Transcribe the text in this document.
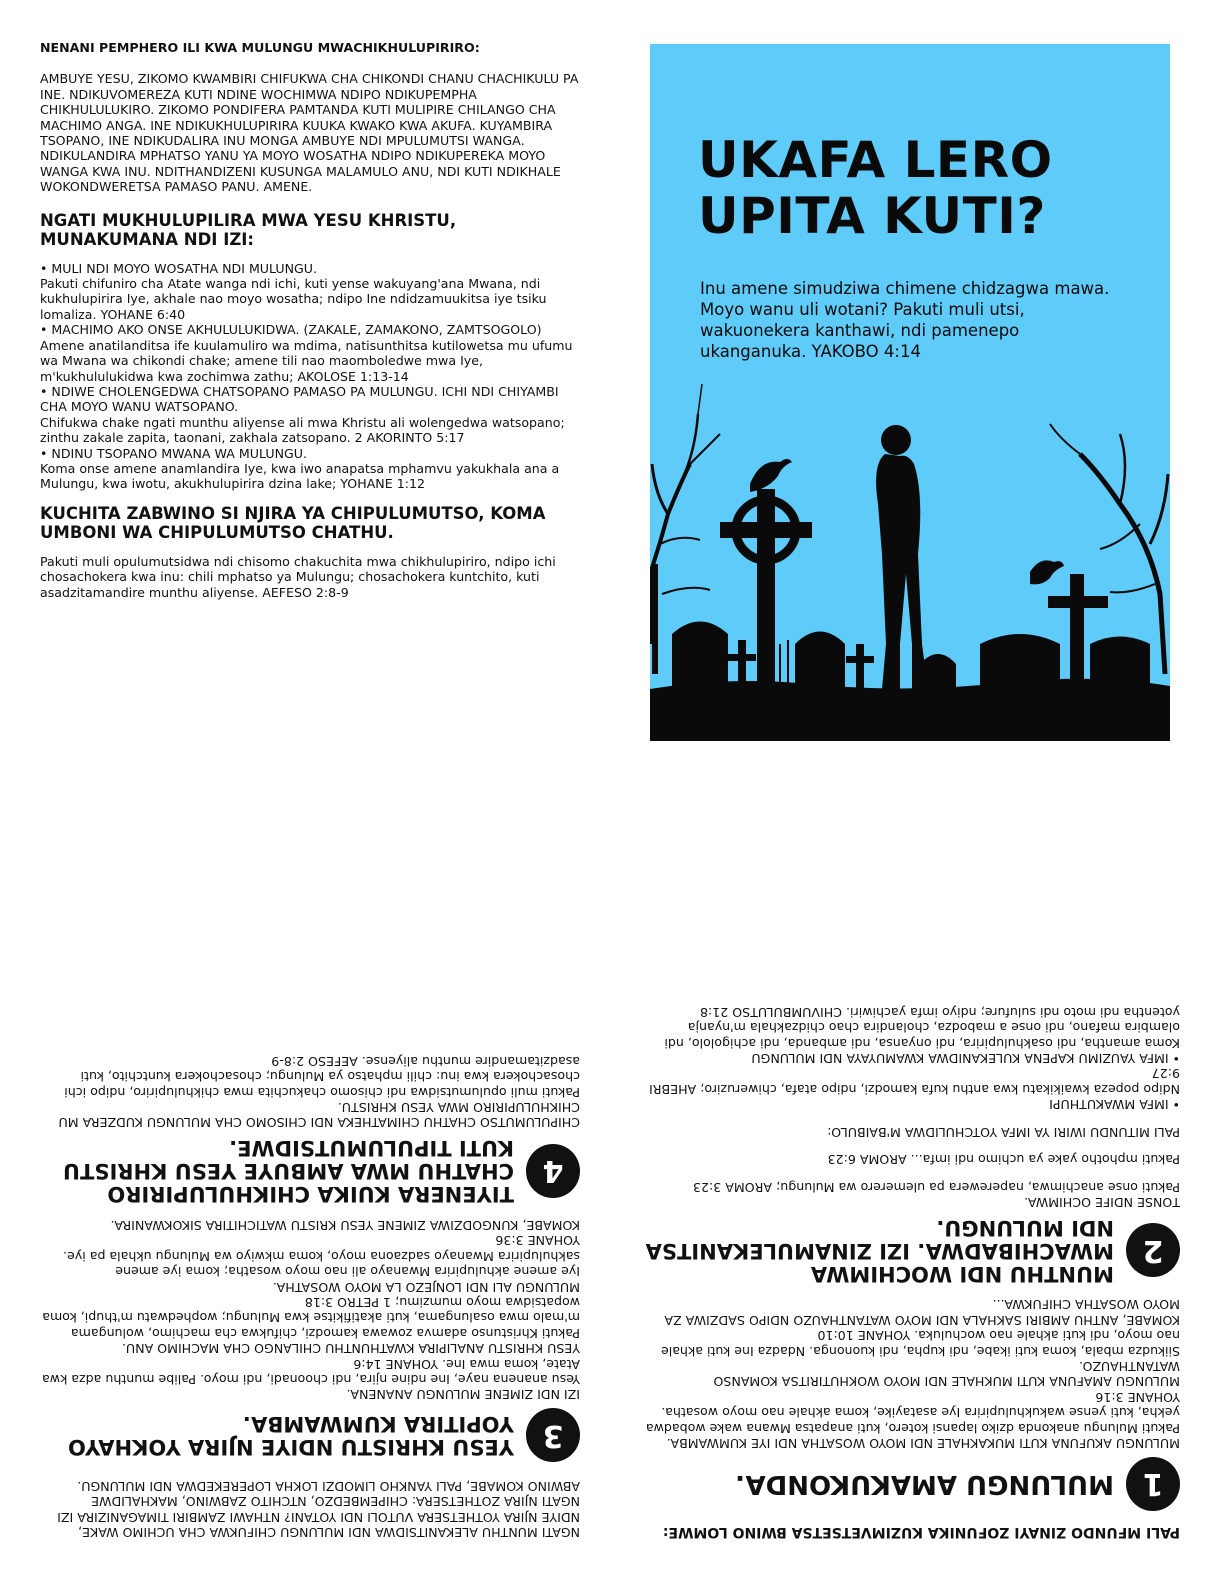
NENANI PEMPHERO ILI KWA MULUNGU MWACHIKHULUPIRIRO:

AMBUYE YESU, ZIKOMO KWAMBIRI CHIFUKWA CHA CHIKONDI CHANU CHACHIKULU PA INE. NDIKUVOMEREZA KUTI NDINE WOCHIMWA NDIPO NDIKUPEMPHA CHIKHULULUKIRO. ZIKOMO PONDIFERA PAMTANDA KUTI MULIPIRE CHILANGO CHA MACHIMO ANGA. INE NDIKUKHULUPIRIRA KUUKA KWAKO KWA AKUFA. KUYAMBIRA TSOPANO, INE NDIKUDALIRA INU MONGA AMBUYE NDI MPULUMUTSI WANGA. NDIKULANDIRA MPHATSO YANU YA MOYO WOSATHA NDIPO NDIKUPEREKA MOYO WANGA KWA INU. NDITHANDIZENI KUSUNGA MALAMULO ANU, NDI KUTI NDIKHALE WOKONDWERETSA PAMASO PANU. AMENE.

NGATI MUKHULUPILIRA MWA YESU KHRISTU, MUNAKUMANA NDI IZI:

• MULI NDI MOYO WOSATHA NDI MULUNGU.

Pakuti chifuniro cha Atate wanga ndi ichi, kuti yense wakuyang'ana Mwana, ndi kukhulupirira Iye, akhale nao moyo wosatha; ndipo Ine ndidzamuukitsa iye tsiku lomaliza. YOHANE 6:40

• MACHIMO AKO ONSE AKHULULUKIDWA. (ZAKALE, ZAMAKONO, ZAMTSOGOLO)

Amene anatilanditsa ife kuulamuliro wa mdima, natisunthitsa kutilowetsa mu ufumu wa Mwana wa chikondi chake; amene tili nao maomboledwe mwa Iye, m'kukhululukidwa kwa zochimwa zathu; AKOLOSE 1:13-14

• NDIWE CHOLENGEDWA CHATSOPANO PAMASO PA MULUNGU. ICHI NDI CHIYAMBI CHA MOYO WANU WATSOPANO.

Chifukwa chake ngati munthu aliyense ali mwa Khristu ali wolengedwa watsopano; zinthu zakale zapita, taonani, zakhala zatsopano. 2 AKORINTO 5:17

• NDINU TSOPANO MWANA WA MULUNGU.

Koma onse amene anamlandira Iye, kwa iwo anapatsa mphamvu yakukhala ana a Mulungu, kwa iwotu, akukhulupirira dzina lake; YOHANE 1:12

KUCHITA ZABWINO SI NJIRA YA CHIPULUMUTSO, KOMA UMBONI WA CHIPULUMUTSO CHATHU.

Pakuti muli opulumutsidwa ndi chisomo chakuchita mwa chikhulupiriro, ndipo ichi chosachokera kwa inu: chili mphatso ya Mulungu; chosachokera kuntchito, kuti asadzitamandire munthu aliyense. AEFESO 2:8-9

UKAFA LERO
UPITA KUTI?

Inu amene simudziwa chimene chidzagwa mawa. Moyo wanu uli wotani? Pakuti muli utsi, wakuonekera kanthawi, ndi pamenepo ukanganuka. YAKOBO 4:14

NGATI MUNTHU ALEKANITSIDWA NDI MULUNGU CHIFUKWA CHA UCHIMO WAKE, NDIYE NJIRA YOTHETSERA VUTOLI NDI YOTANI? NTHAWI ZAMBIRI TIMAGANIZIRA IZI NGATI NJIRA ZOTHETSERA: CHIPEMBEDZO, NTCHITO ZABWINO, MAKHALIDWE ABWINO KOMABE, PALI YANKHO LIMODZI LOKHA LOPEREKEDWA NDI MULUNGU.

3

YESU KHRISTU NDIYE NJIRA YOKHAYO YOPITIRA KUMWAMBA.

IZI NDI ZIMENE MULUNGU ANANENA.

Yesu ananena naye, Ine ndine njira, ndi choonadi, ndi moyo. Palibe munthu adza kwa Atate, koma mwa Ine. YOHANE 14:6

YESU KHRISTU ANALIPIRA KWATHUNTHU CHILANGO CHA MACHIMO ANU.

Pakuti Khristunso adamva zowawa kamodzi, chifukwa cha machimo, wolungama m'malo mwa osalungama, kuti akatifikitse kwa Mulungu; wophedwatu m'thupi, koma wopatsidwa moyo mumzimu; 1 PETRO 3:18

MULUNGU ALI NDI LONJEZO LA MOYO WOSATHA.

Iye amene akhulupirira Mwanayo ali nao moyo wosatha; koma iye amene sakhulupirira Mwanayo sadzaona moyo, koma mkwiyo wa Mulungu ukhala pa iye. YOHANE 3:36

KOMABE, KUNGODZIWA ZIMENE YESU KRISTU WATICHITIRA SIKOKWANIRA.

4

TIYENERA KUIKA CHIKHULUPIRIRO CHATHU MWA AMBUYE YESU KHRISTU KUTI TIPULUMUTSIDWE.

CHIPULUMUTSO CHATHU CHIMATHEKA NDI CHISOMO CHA MULUNGU KUDZERA MU CHIKHULUPIRIRO MWA YESU KHRISTU.

Pakuti muli opulumutsidwa ndi chisomo chakuchita mwa chikhulupiriro, ndipo ichi chosachokera kwa inu: chili mphatso ya Mulungu; chosachokera kuntchito, kuti asadzitamandire munthu aliyense. AEFESO 2:8-9

PALI MFUNDO ZINAYI ZOFUNIKA KUZIMVETSETSA BWINO LOMWE:

1

MULUNGU AMAKUKONDA.

MULUNGU AKUFUNA KUTI MUKAKHALE NDI MOYO WOSATHA NDI IYE KUMWAMBA.

Pakuti Mulungu anakonda dziko lapansi kotero, kuti anapatsa Mwana wake wobadwa yekha, kuti yense wakukhulupirira Iye asatayike, koma akhale nao moyo wosatha. YOHANE 3:16

MULUNGU AMAFUNA KUTI MUKHALE NDI MOYO WOKHUTIRITSA KOMANSO WATANTHAUZO.

Siikudza mbala, koma kuti ikabe, ndi kupha, ndi kuononga. Ndadza Ine kuti akhale nao moyo, ndi kuti akhale nao wochuluka. YOHANE 10:10

KOMABE, ANTHU AMBIRI SAKHALA NDI MOYO WATANTHAUZO NDIPO SADZIWA ZA MOYO WOSATHA CHIFUKWA...

2

MUNTHU NDI WOCHIMWA MWACHIBADWA. IZI ZINAMULEKANITSA NDI MULUNGU.

TONSE NDIFE OCHIMWA.

Pakuti onse anachimwa, naperewera pa ulemerero wa Mulungu; AROMA 3:23

Pakuti mphotho yake ya uchimo ndi imfa... AROMA 6:23

PALI MITUNDU IWIRI YA IMFA YOTCHULIDWA M'BAIBULO:

• IMFA MWAKUTHUPI

Ndipo popeza kwaikikatu kwa anthu kufa kamodzi, ndipo atafa, chiweruziro; AHEBRI 9:27

• IMFA YAUZIMU KAPENA KULEKANIDWA KWAMUYAYA NDI MULUNGU

Koma amantha, ndi osakhulupirira, ndi onyansa, ndi ambanda, ndi achigololo, ndi olambira mafano, ndi onse a mabodza, cholandira chao chidzakhala m'nyanja yotentha ndi moto ndi sulufure; ndiyo imfa yachiwiri. CHIVUMBULUTSO 21:8
